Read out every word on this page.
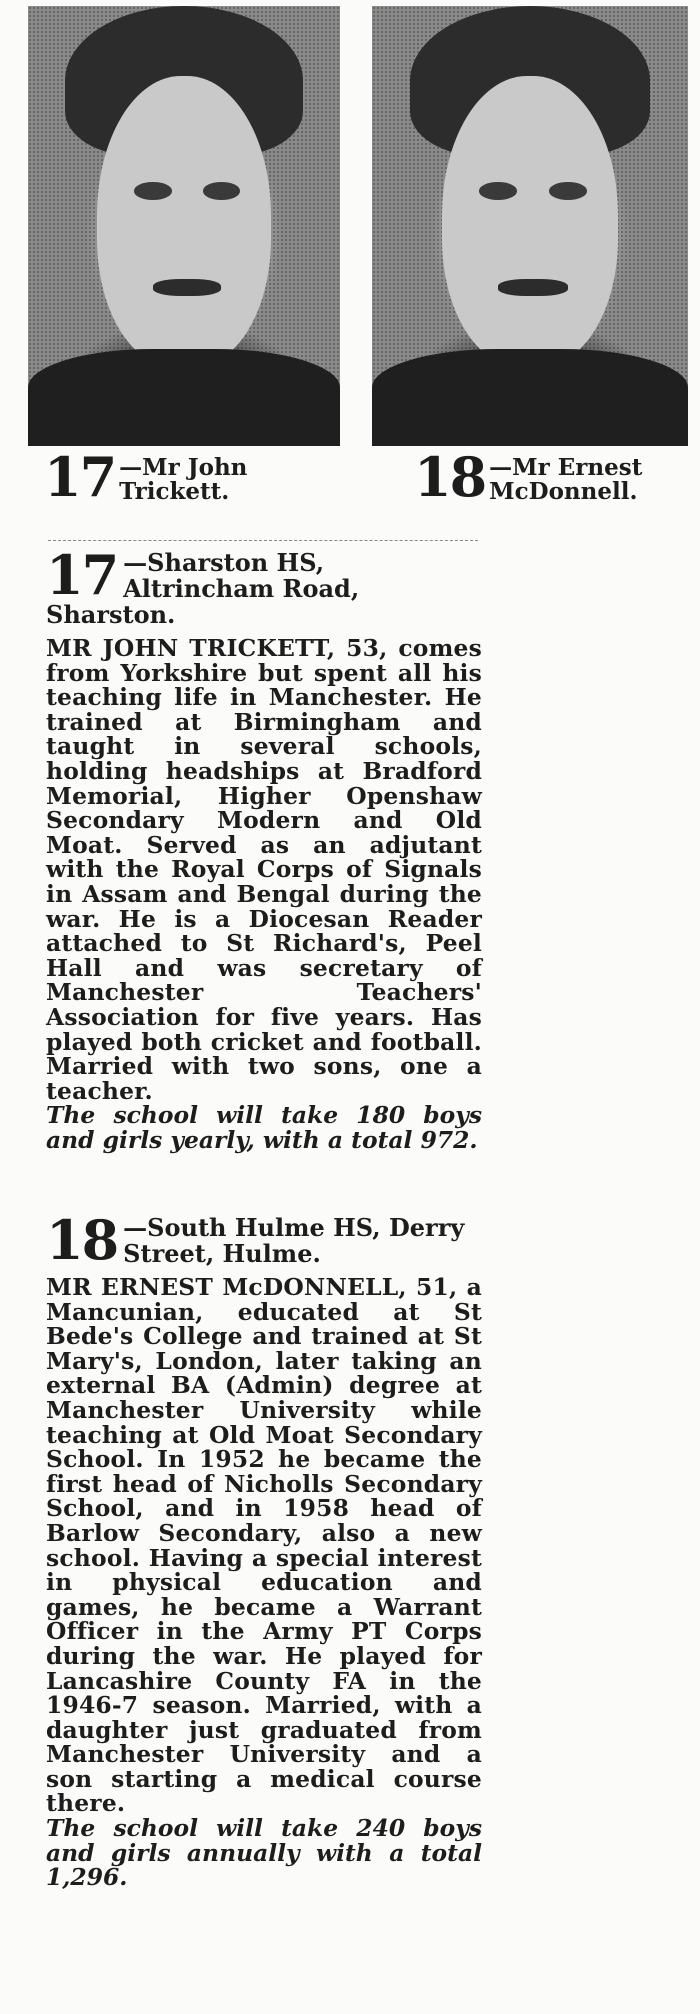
17 —Mr John Trickett.	18 —Mr Ernest McDonnell.
17 —Sharston HS, Altrincham Road, Sharston.
MR JOHN TRICKETT, 53, comes from Yorkshire but spent all his teaching life in Manchester. He trained at Birmingham and taught in several schools, holding headships at Bradford Memorial, Higher Openshaw Secondary Modern and Old Moat. Served as an adjutant with the Royal Corps of Signals in Assam and Bengal during the war. He is a Diocesan Reader attached to St Richard's, Peel Hall and was secretary of Manchester Teachers' Association for five years. Has played both cricket and football. Married with two sons, one a teacher.
The school will take 180 boys and girls yearly, with a total 972.
18 —South Hulme HS, Derry Street, Hulme.
MR ERNEST McDONNELL, 51, a Mancunian, educated at St Bede's College and trained at St Mary's, London, later taking an external BA (Admin) degree at Manchester University while teaching at Old Moat Secondary School. In 1952 he became the first head of Nicholls Secondary School, and in 1958 head of Barlow Secondary, also a new school. Having a special interest in physical education and games, he became a Warrant Officer in the Army PT Corps during the war. He played for Lancashire County FA in the 1946-7 season. Married, with a daughter just graduated from Manchester University and a son starting a medical course there.
The school will take 240 boys and girls annually with a total 1,296.
